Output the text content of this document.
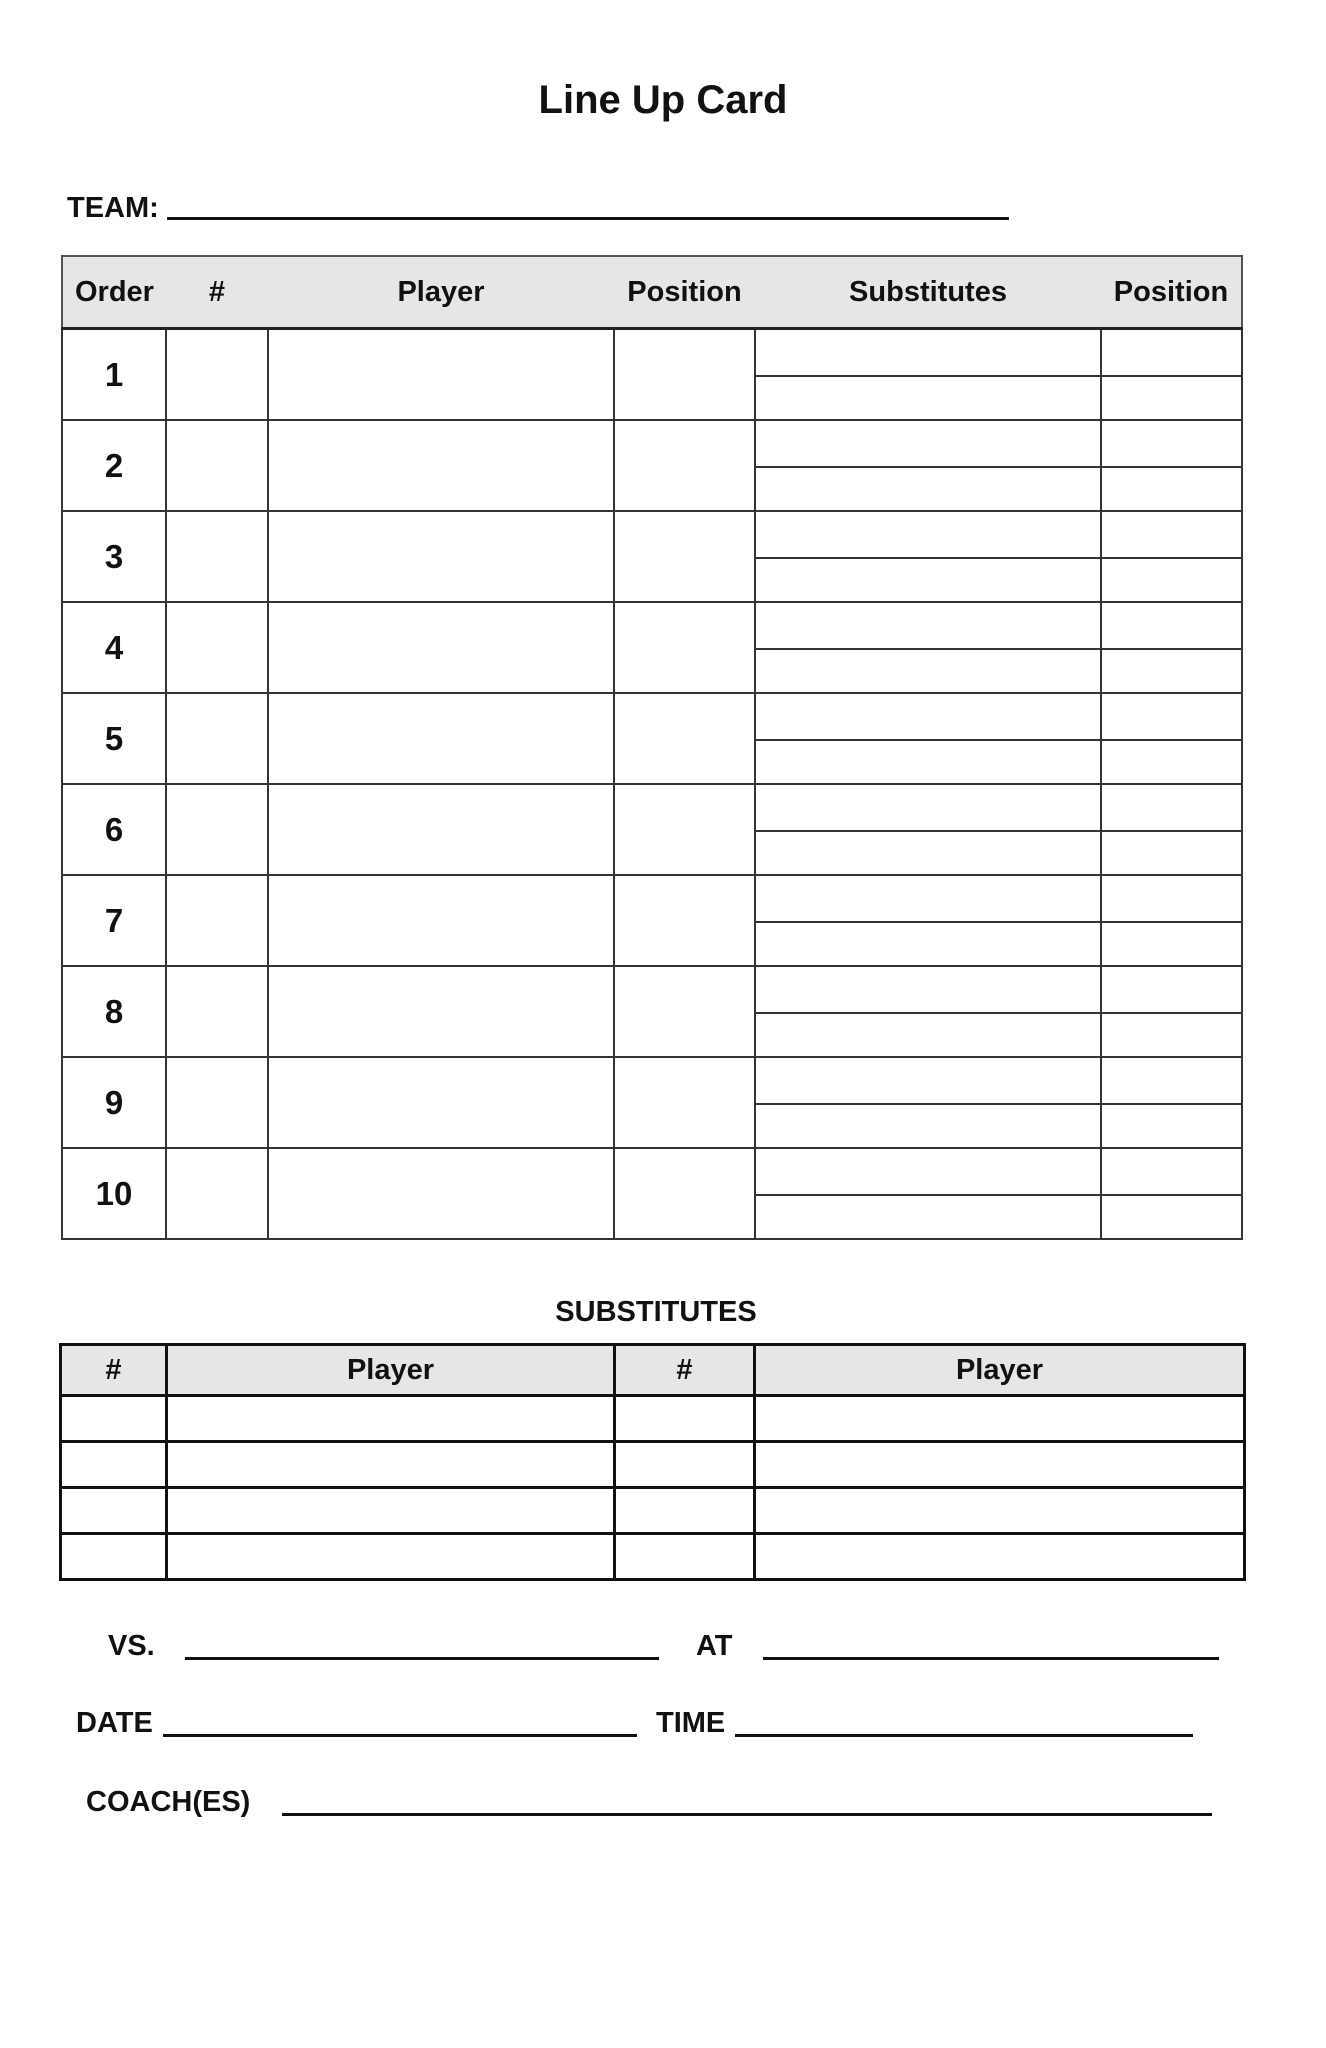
Line Up Card
TEAM:
Order	#	Player	Position	Substitutes	Position
1				

2				

3				

4				

5				

6				

7				

8				

9				

10				

SUBSTITUTES
#	Player	#	Player

VS.	AT
DATE	TIME
COACH(ES)
